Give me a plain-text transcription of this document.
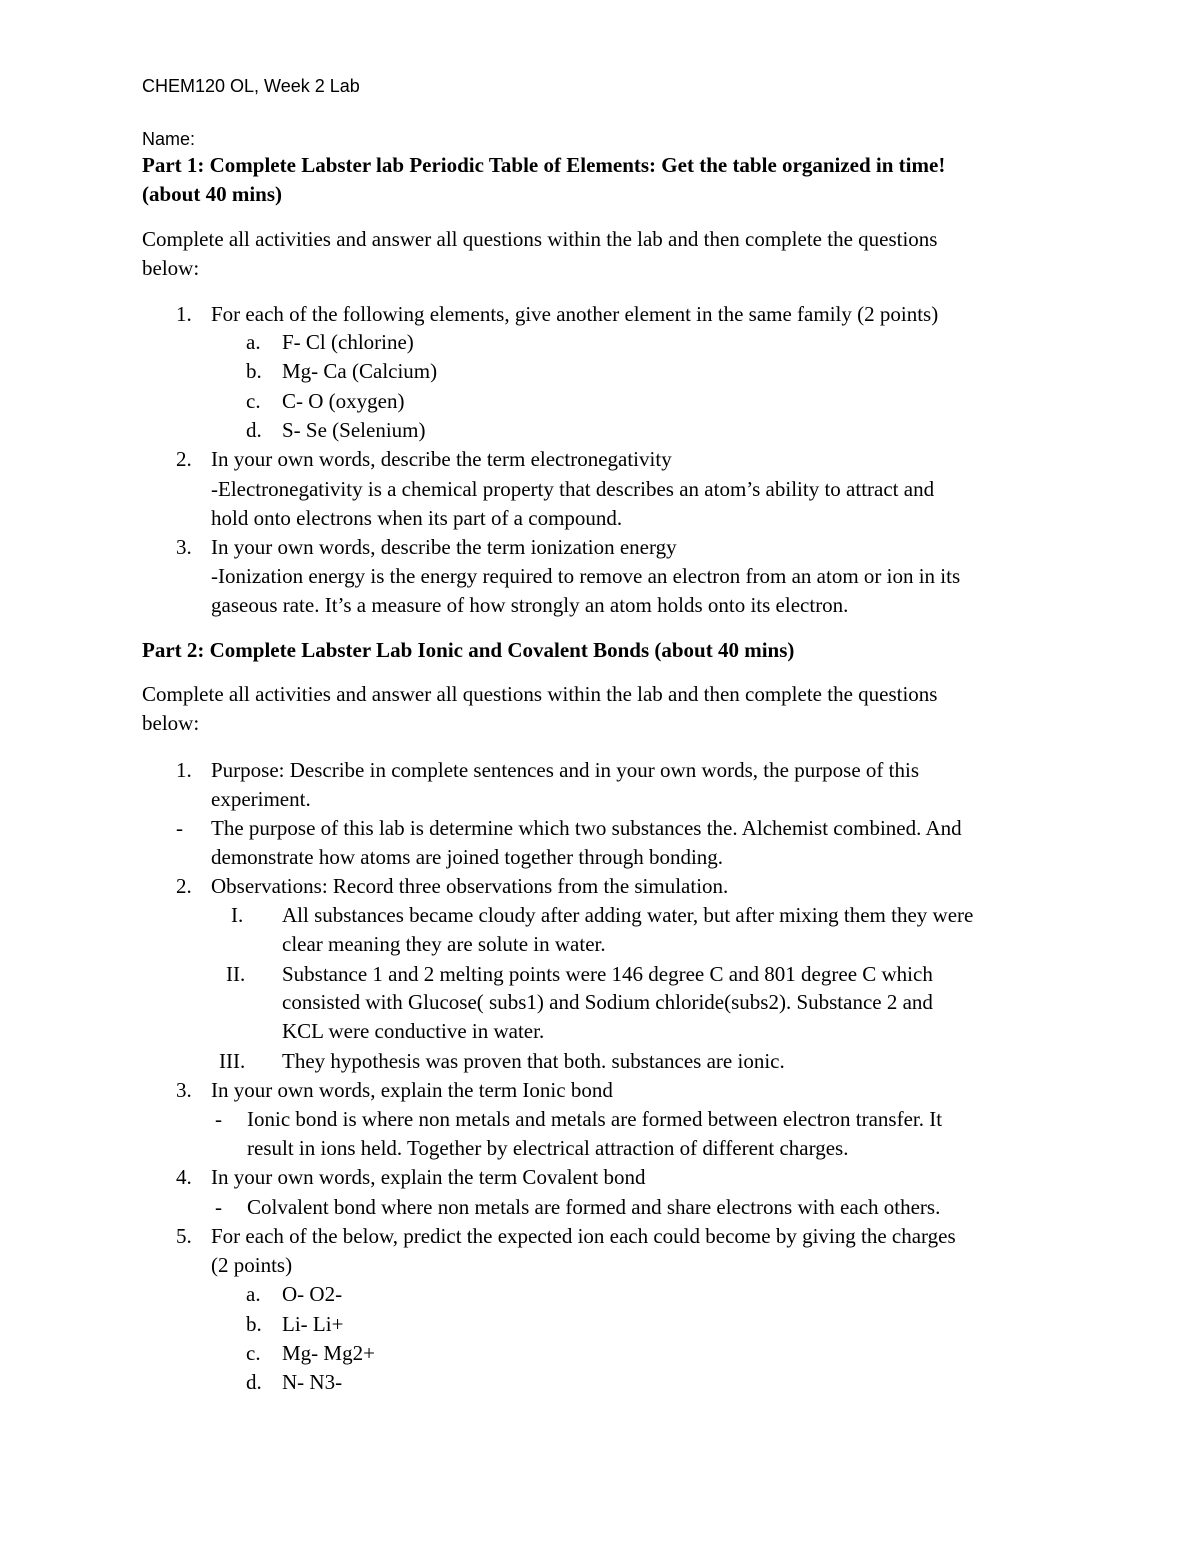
CHEM120 OL, Week 2 Lab
Name:
Part 1: Complete Labster lab Periodic Table of Elements: Get the table organized in time!
(about 40 mins)
Complete all activities and answer all questions within the lab and then complete the questions
below:
1. For each of the following elements, give another element in the same family (2 points)
a. F- Cl (chlorine)
b. Mg- Ca (Calcium)
c. C- O (oxygen)
d. S- Se (Selenium)
2. In your own words, describe the term electronegativity
-Electronegativity is a chemical property that describes an atom’s ability to attract and
hold onto electrons when its part of a compound.
3. In your own words, describe the term ionization energy
-Ionization energy is the energy required to remove an electron from an atom or ion in its
gaseous rate. It’s a measure of how strongly an atom holds onto its electron.
Part 2: Complete Labster Lab Ionic and Covalent Bonds (about 40 mins)
Complete all activities and answer all questions within the lab and then complete the questions
below:
1. Purpose: Describe in complete sentences and in your own words, the purpose of this
experiment.
- The purpose of this lab is determine which two substances the. Alchemist combined. And
demonstrate how atoms are joined together through bonding.
2. Observations: Record three observations from the simulation.
I. All substances became cloudy after adding water, but after mixing them they were
clear meaning they are solute in water.
II. Substance 1 and 2 melting points were 146 degree C and 801 degree C which
consisted with Glucose( subs1) and Sodium chloride(subs2). Substance 2 and
KCL were conductive in water.
III. They hypothesis was proven that both. substances are ionic.
3. In your own words, explain the term Ionic bond
- Ionic bond is where non metals and metals are formed between electron transfer. It
result in ions held. Together by electrical attraction of different charges.
4. In your own words, explain the term Covalent bond
- Colvalent bond where non metals are formed and share electrons with each others.
5. For each of the below, predict the expected ion each could become by giving the charges
(2 points)
a. O- O2-
b. Li- Li+
c. Mg- Mg2+
d. N- N3-
